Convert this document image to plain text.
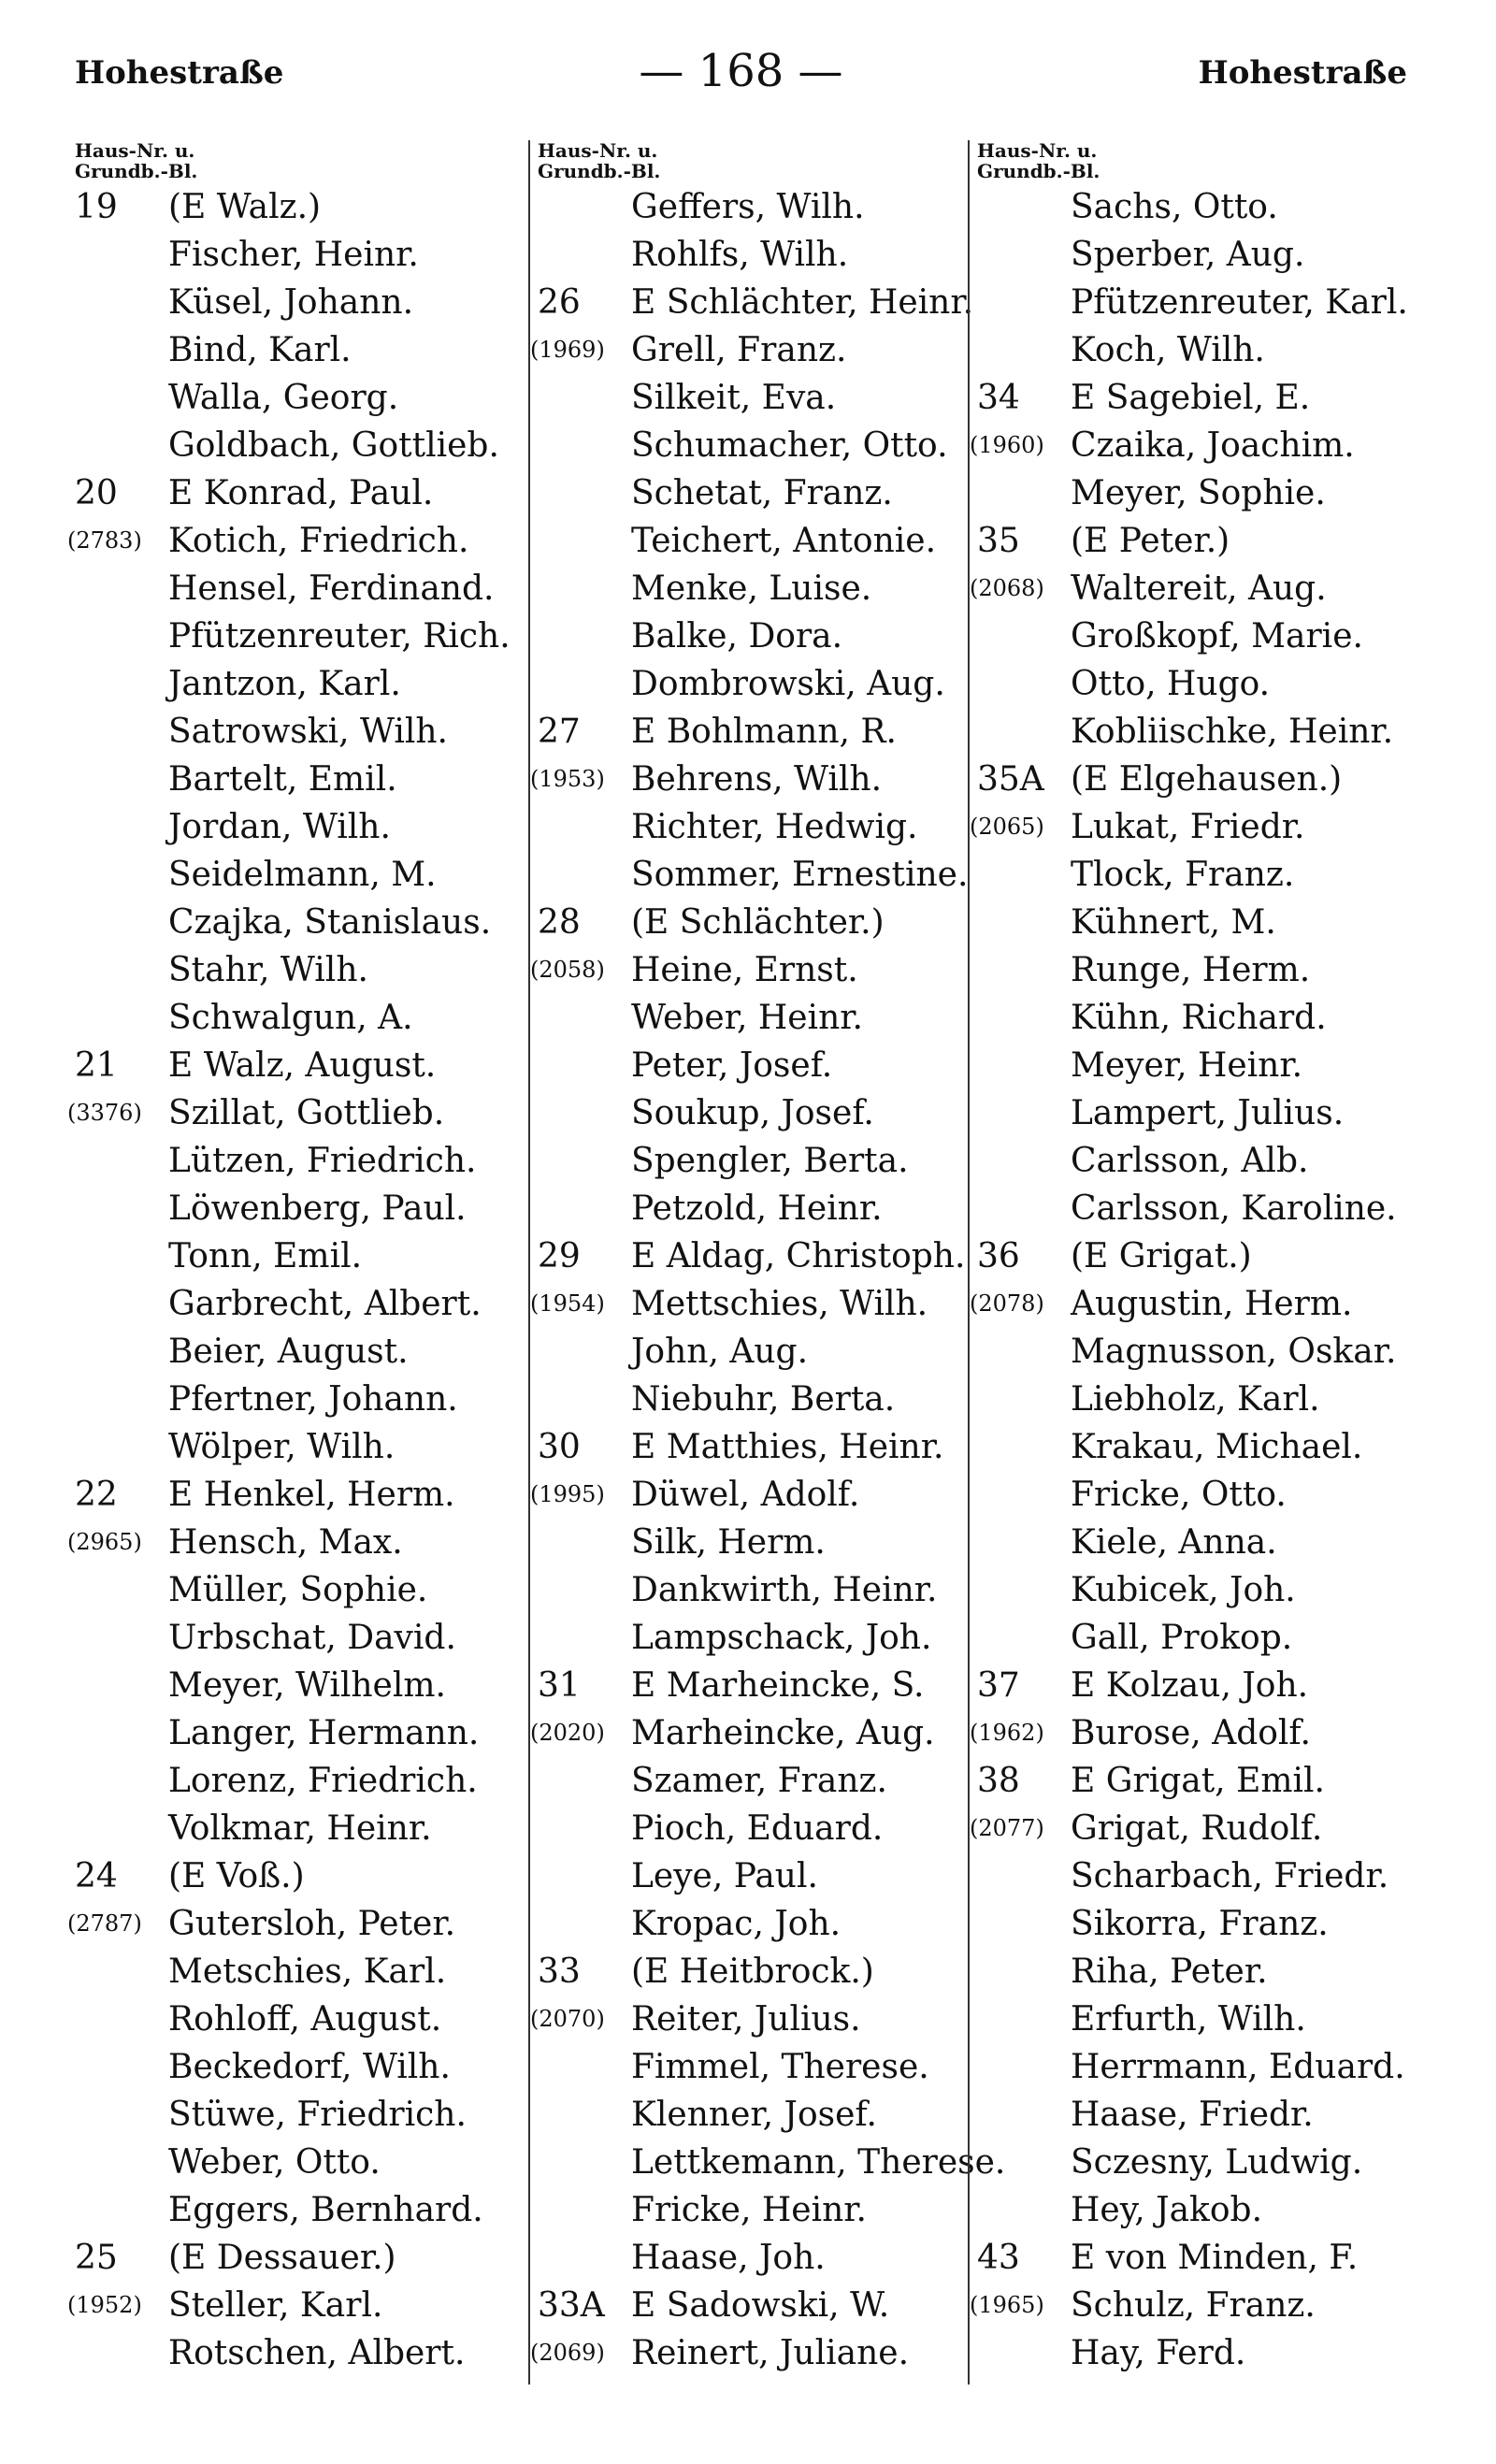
Hohestraße	— 168 —	Hohestraße
Haus-Nr. u.
Grundb.-Bl.
19 (E Walz.)
Fischer, Heinr.
Küsel, Johann.
Bind, Karl.
Walla, Georg.
Goldbach, Gottlieb.
20 E Konrad, Paul.
(2783) Kotich, Friedrich.
Hensel, Ferdinand.
Pfützenreuter, Rich.
Jantzon, Karl.
Satrowski, Wilh.
Bartelt, Emil.
Jordan, Wilh.
Seidelmann, M.
Czajka, Stanislaus.
Stahr, Wilh.
Schwalgun, A.
21 E Walz, August.
(3376) Szillat, Gottlieb.
Lützen, Friedrich.
Löwenberg, Paul.
Tonn, Emil.
Garbrecht, Albert.
Beier, August.
Pfertner, Johann.
Wölper, Wilh.
22 E Henkel, Herm.
(2965) Hensch, Max.
Müller, Sophie.
Urbschat, David.
Meyer, Wilhelm.
Langer, Hermann.
Lorenz, Friedrich.
Volkmar, Heinr.
24 (E Voß.)
(2787) Gutersloh, Peter.
Metschies, Karl.
Rohloff, August.
Beckedorf, Wilh.
Stüwe, Friedrich.
Weber, Otto.
Eggers, Bernhard.
25 (E Dessauer.)
(1952) Steller, Karl.
Rotschen, Albert.
Haus-Nr. u.
Grundb.-Bl.
Geffers, Wilh.
Rohlfs, Wilh.
26 E Schlächter, Heinr.
(1969) Grell, Franz.
Silkeit, Eva.
Schumacher, Otto.
Schetat, Franz.
Teichert, Antonie.
Menke, Luise.
Balke, Dora.
Dombrowski, Aug.
27 E Bohlmann, R.
(1953) Behrens, Wilh.
Richter, Hedwig.
Sommer, Ernestine.
28 (E Schlächter.)
(2058) Heine, Ernst.
Weber, Heinr.
Peter, Josef.
Soukup, Josef.
Spengler, Berta.
Petzold, Heinr.
29 E Aldag, Christoph.
(1954) Mettschies, Wilh.
John, Aug.
Niebuhr, Berta.
30 E Matthies, Heinr.
(1995) Düwel, Adolf.
Silk, Herm.
Dankwirth, Heinr.
Lampschack, Joh.
31 E Marheincke, S.
(2020) Marheincke, Aug.
Szamer, Franz.
Pioch, Eduard.
Leye, Paul.
Kropac, Joh.
33 (E Heitbrock.)
(2070) Reiter, Julius.
Fimmel, Therese.
Klenner, Josef.
Lettkemann, Therese.
Fricke, Heinr.
Haase, Joh.
33A E Sadowski, W.
(2069) Reinert, Juliane.
Haus-Nr. u.
Grundb.-Bl.
Sachs, Otto.
Sperber, Aug.
Pfützenreuter, Karl.
Koch, Wilh.
34 E Sagebiel, E.
(1960) Czaika, Joachim.
Meyer, Sophie.
35 (E Peter.)
(2068) Waltereit, Aug.
Großkopf, Marie.
Otto, Hugo.
Kobliischke, Heinr.
35A (E Elgehausen.)
(2065) Lukat, Friedr.
Tlock, Franz.
Kühnert, M.
Runge, Herm.
Kühn, Richard.
Meyer, Heinr.
Lampert, Julius.
Carlsson, Alb.
Carlsson, Karoline.
36 (E Grigat.)
(2078) Augustin, Herm.
Magnusson, Oskar.
Liebholz, Karl.
Krakau, Michael.
Fricke, Otto.
Kiele, Anna.
Kubicek, Joh.
Gall, Prokop.
37 E Kolzau, Joh.
(1962) Burose, Adolf.
38 E Grigat, Emil.
(2077) Grigat, Rudolf.
Scharbach, Friedr.
Sikorra, Franz.
Riha, Peter.
Erfurth, Wilh.
Herrmann, Eduard.
Haase, Friedr.
Sczesny, Ludwig.
Hey, Jakob.
43 E von Minden, F.
(1965) Schulz, Franz.
Hay, Ferd.
